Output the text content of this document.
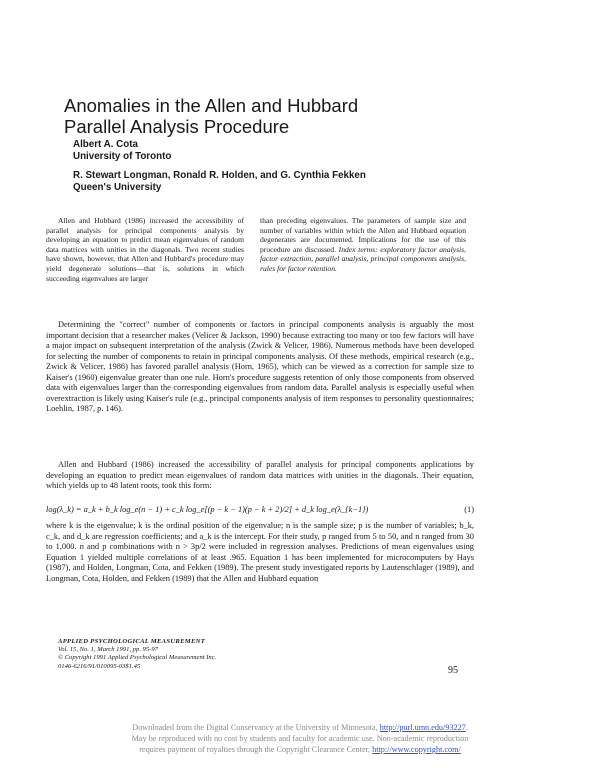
Anomalies in the Allen and Hubbard
Parallel Analysis Procedure
Albert A. Cota
University of Toronto
R. Stewart Longman, Ronald R. Holden, and G. Cynthia Fekken
Queen's University
Allen and Hubbard (1986) increased the accessibility of parallel analysis for principal components analysis by developing an equation to predict mean eigenvalues of random data matrices with unities in the diagonals. Two recent studies have shown, however, that Allen and Hubbard's procedure may yield degenerate solutions—that is, solutions in which succeeding eigenvalues are larger
than preceding eigenvalues. The parameters of sample size and number of variables within which the Allen and Hubbard equation degenerates are documented. Implications for the use of this procedure are discussed. Index terms: exploratory factor analysis, factor extraction, parallel analysis, principal components analysis, rules for factor retention.
Determining the "correct" number of components or factors in principal components analysis is arguably the most important decision that a researcher makes (Velicer & Jackson, 1990) because extracting too many or too few factors will have a major impact on subsequent interpretation of the analysis (Zwick & Velicer, 1986). Numerous methods have been developed for selecting the number of components to retain in principal components analysis. Of these methods, empirical research (e.g., Zwick & Velicer, 1986) has favored parallel analysis (Horn, 1965), which can be viewed as a correction for sample size to Kaiser's (1960) eigenvalue greater than one rule. Horn's procedure suggests retention of only those components from observed data with eigenvalues larger than the corresponding eigenvalues from random data. Parallel analysis is especially useful when overextraction is likely using Kaiser's rule (e.g., principal components analysis of item responses to personality questionnaires; Loehlin, 1987, p. 146).
Allen and Hubbard (1986) increased the accessibility of parallel analysis for principal components applications by developing an equation to predict mean eigenvalues of random data matrices with unities in the diagonals. Their equation, which yields up to 48 latent roots, took this form:
log(λ_k) = a_k + b_k log_e(n − 1) + c_k log_e[(p − k − 1)(p − k + 2)/2] + d_k log_e(λ_{k−1})	(1)
where k is the eigenvalue; k is the ordinal position of the eigenvalue; n is the sample size; p is the number of variables; b_k, c_k, and d_k are regression coefficients; and a_k is the intercept. For their study, p ranged from 5 to 50, and n ranged from 30 to 1,000. n and p combinations with n > 3p/2 were included in regression analyses. Predictions of mean eigenvalues using Equation 1 yielded multiple correlations of at least .965. Equation 1 has been implemented for microcomputers by Hays (1987), and Holden, Longman, Cota, and Fekken (1989). The present study investigated reports by Lautenschlager (1989), and Longman, Cota, Holden, and Fekken (1989) that the Allen and Hubbard equation
APPLIED PSYCHOLOGICAL MEASUREMENT
Vol. 15, No. 1, March 1991, pp. 95-97
© Copyright 1991 Applied Psychological Measurement Inc.
0146-6216/91/010095-03$1.45	95
Downloaded from the Digital Conservancy at the University of Minnesota, http://purl.umn.edu/93227.
May be reproduced with no cost by students and faculty for academic use. Non-academic reproduction
requires payment of royalties through the Copyright Clearance Center, http://www.copyright.com/
